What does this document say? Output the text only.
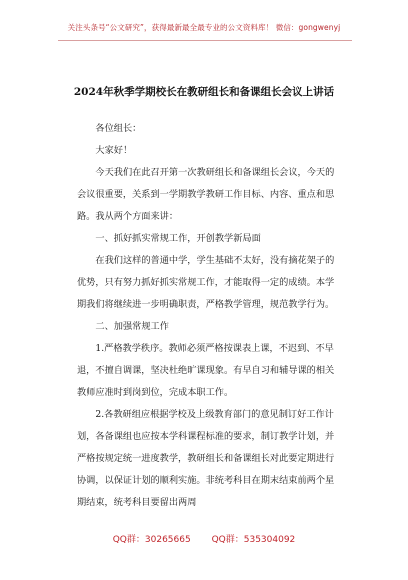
关注头条号“公文研究”，获得最新最全最专业的公文资料库！ 微信：gongwenyj
2024年秋季学期校长在教研组长和备课组长会议上讲话

各位组长：

大家好！

今天我们在此召开第一次教研组长和备课组长会议，今天的会议很重要，关系到一学期教学教研工作目标、内容、重点和思路。我从两个方面来讲：

一、抓好抓实常规工作，开创教学新局面

在我们这样的普通中学，学生基础不太好，没有摘花架子的优势，只有努力抓好抓实常规工作，才能取得一定的成绩。本学期我们将继续进一步明确职责，严格教学管理，规范教学行为。

二、加强常规工作

1.严格教学秩序。教师必须严格按课表上课，不迟到、不早退，不擅自调课，坚决杜绝旷课现象。有早自习和辅导课的相关教师应准时到岗到位，完成本职工作。

2.各教研组应根据学校及上级教育部门的意见制订好工作计划，各备课组也应按本学科课程标准的要求，制订教学计划，并严格按规定统一进度教学，教研组长和备课组长对此要定期进行协调，以保证计划的顺利实施。非统考科目在期末结束前两个星期结束，统考科目要留出两周

QQ群：30265665 QQ群：535304092
